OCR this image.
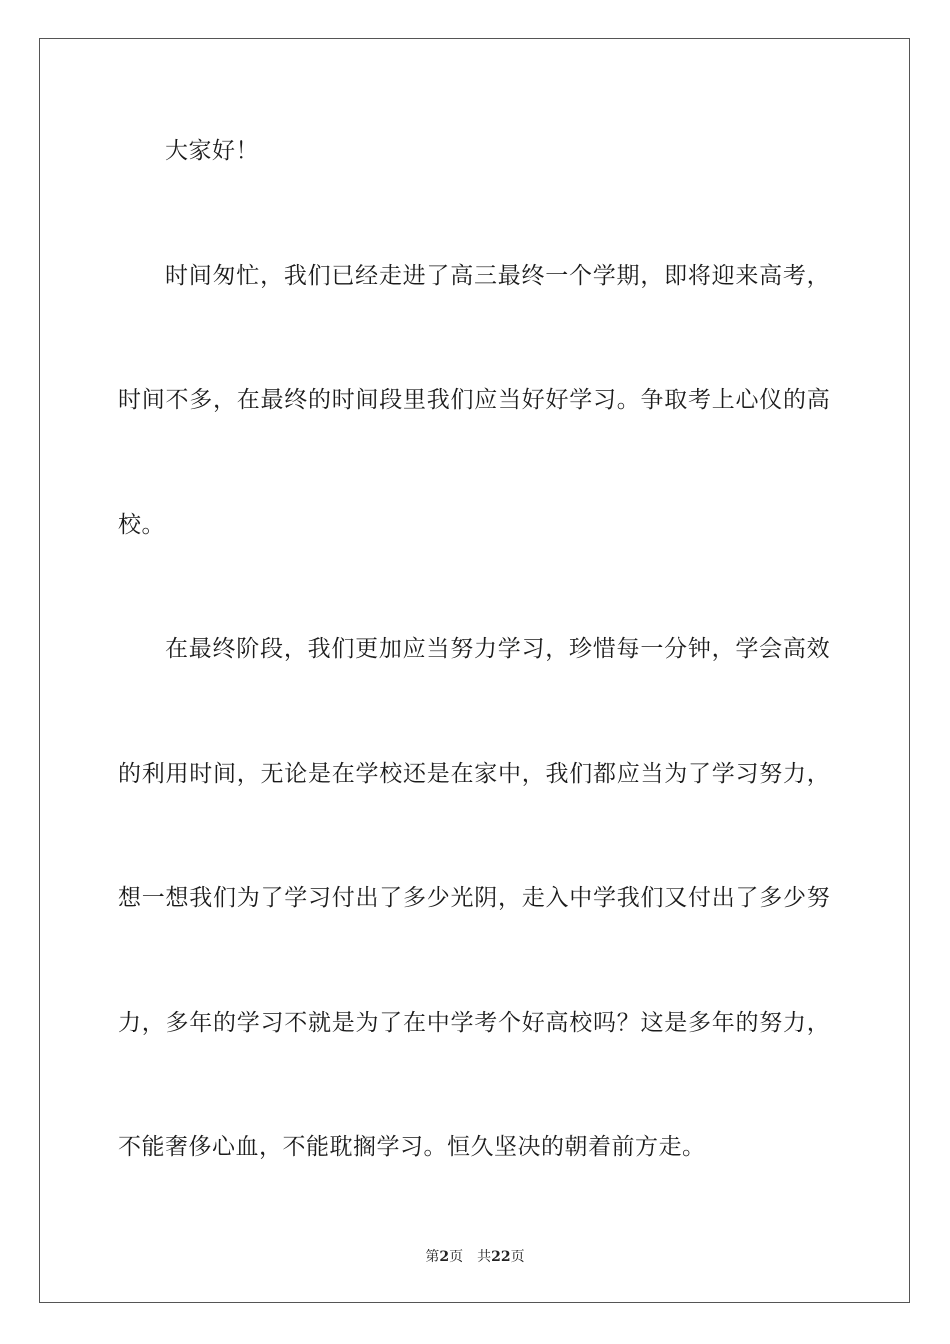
大家好！
时 间 匆 忙 ， 我 们 已 经 走 进 了 高 三 最 终 一 个 学 期 ， 即 将 迎 来 高 考 ，
时 间 不 多 ， 在 最 终 的 时 间 段 里 我 们 应 当 好 好 学 习 。 争 取 考 上 心 仪 的 高
校。
在 最 终 阶 段 ， 我 们 更 加 应 当 努 力 学 习 ， 珍 惜 每 一 分 钟 ， 学 会 高 效
的 利 用 时 间 ， 无 论 是 在 学 校 还 是 在 家 中 ， 我 们 都 应 当 为 了 学 习 努 力 ，
想 一 想 我 们 为 了 学 习 付 出 了 多 少 光 阴 ， 走 入 中 学 我 们 又 付 出 了 多 少 努
力 ， 多 年 的 学 习 不 就 是 为 了 在 中 学 考 个 好 高 校 吗 ？ 这 是 多 年 的 努 力 ，
不能奢侈心血，不能耽搁学习。恒久坚决的朝着前方走。
第2页 共22页
